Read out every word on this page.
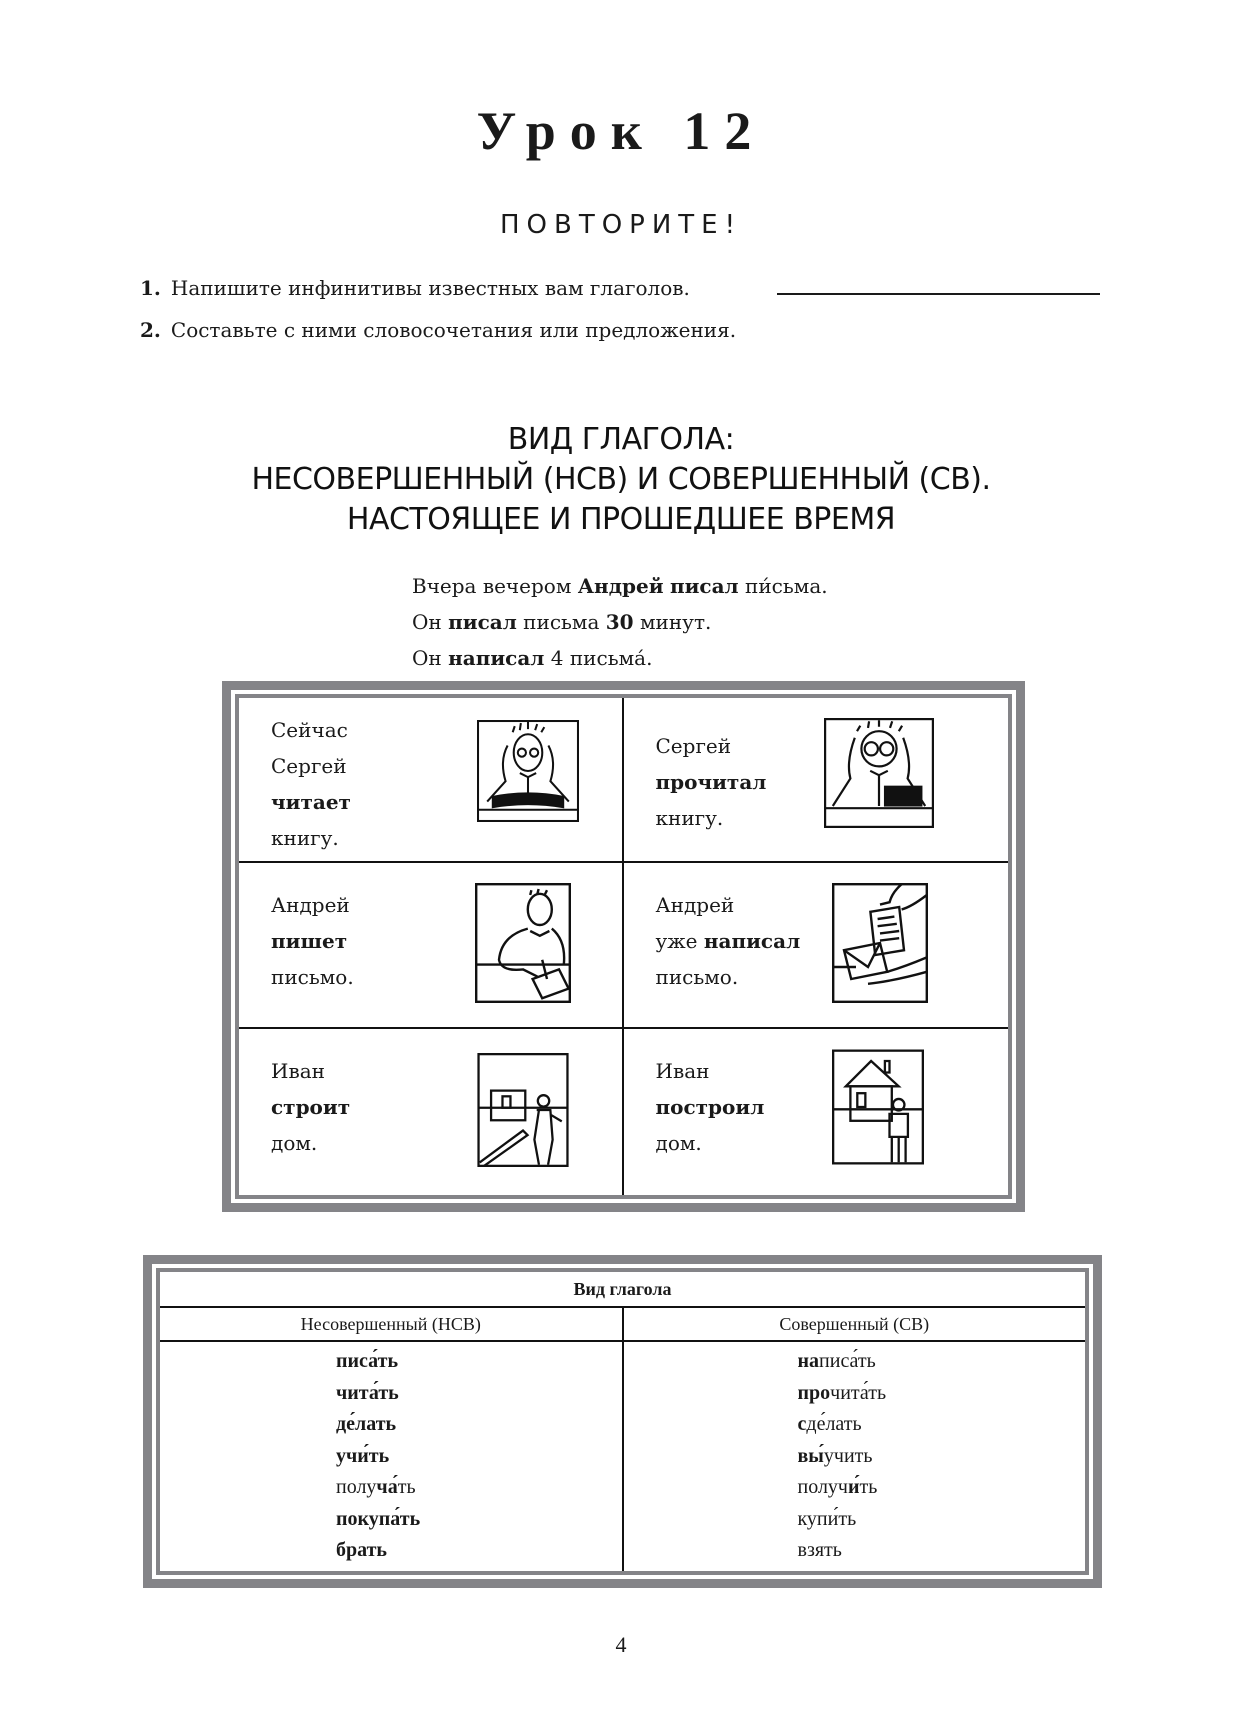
Урок 12
ПОВТОРИТЕ!
1. Напишите инфинитивы известных вам глаголов.
2. Составьте с ними словосочетания или предложения.
ВИД ГЛАГОЛА:
НЕСОВЕРШЕННЫЙ (НСВ) И СОВЕРШЕННЫЙ (СВ).
НАСТОЯЩЕЕ И ПРОШЕДШЕЕ ВРЕМЯ
Вчера вечером Андрей писал пи́сьма.
Он писал письма 30 минут.
Он написал 4 письма́.
Сейчас
Сергей
читает
книгу.
Сергей
прочитал
книгу.
Андрей
пишет
письмо.
Андрей
уже написал
письмо.
Иван
строит
дом.
Иван
построил
дом.
Вид глагола
Несовершенный (НСВ)	Совершенный (СВ)
писа́ть
чита́ть
де́лать
учи́ть
получа́ть
покупа́ть
брать
написа́ть
прочита́ть
сде́лать
вы́учить
получи́ть
купи́ть
взять
4
